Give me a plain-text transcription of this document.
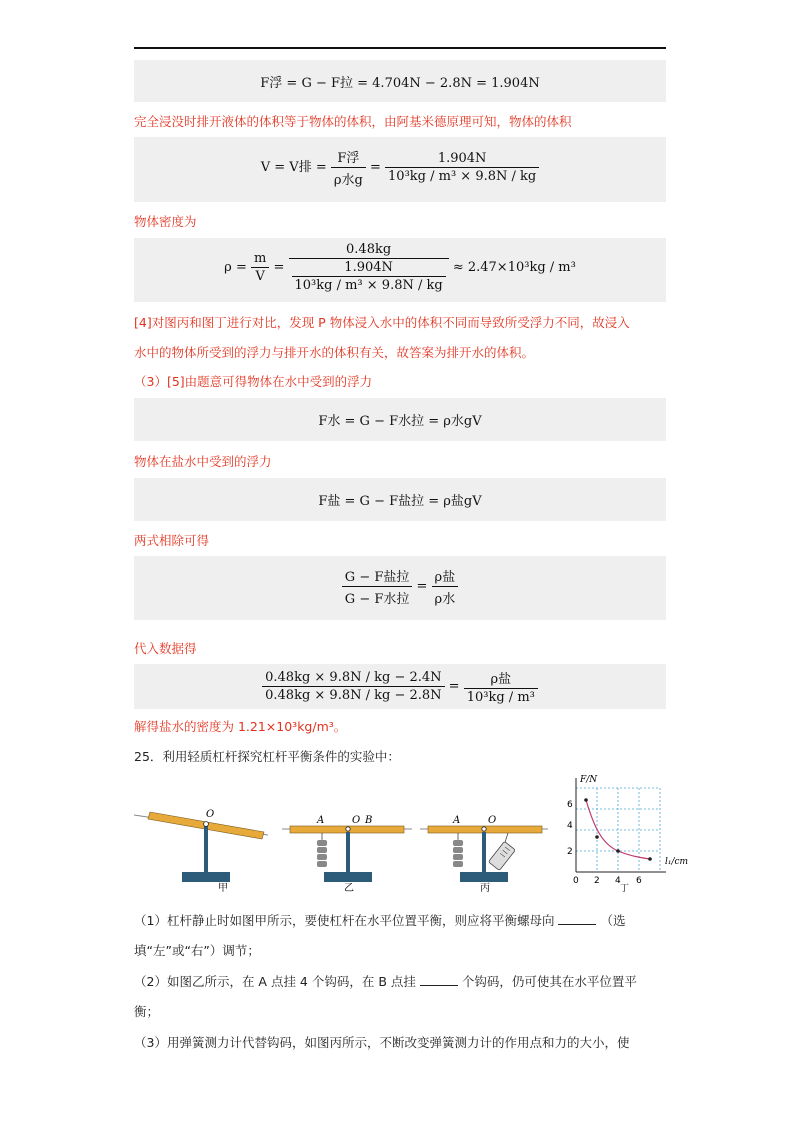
F浮 = G − F拉 = 4.704N − 2.8N = 1.904N
完全浸没时排开液体的体积等于物体的体积，由阿基米德原理可知，物体的体积
V = V排 = $\frac{\text{F浮}}{\text{ρ水g}} = \frac{1.904N}{\text{10³kg / m³ × 9.8N / kg}}$
物体密度为
$\rho = \frac{m}{V} = \frac{0.48kg}{\frac{1.904N}{\text{10³kg / m³ × 9.8N / kg}}} \approx 2.47\times 10^3kg / m^3$
[4]对图丙和图丁进行对比，发现 P 物体浸入水中的体积不同而导致所受浮力不同，故浸入
水中的物体所受到的浮力与排开水的体积有关，故答案为排开水的体积。
（3）[5]由题意可得物体在水中受到的浮力
F水 = G − F水拉 = ρ水gV
物体在盐水中受到的浮力
F盐 = G − F盐拉 = ρ盐gV
两式相除可得
$\frac{\text{G − F盐拉}}{\text{G − F水拉}} = \frac{\text{ρ盐}}{\text{ρ水}}$
代入数据得
$\frac{0.48kg \times 9.8N / kg - 2.4N}{0.48kg \times 9.8N / kg - 2.8N} = \frac{\text{ρ盐}}{\text{10³kg / m³}}$
解得盐水的密度为 1.21×10³kg/m³。
25．利用轻质杠杆探究杠杆平衡条件的实验中：
O
甲
A	O B
乙
A	O
丙
F/N
l₁/cm
6
4
2
0 2 4 6
丁
（1）杠杆静止时如图甲所示，要使杠杆在水平位置平衡，则应将平衡螺母向	（选
填“左”或“右”）调节；
（2）如图乙所示，在 A 点挂 4 个钩码，在 B 点挂	个钩码，仍可使其在水平位置平
衡；
（3）用弹簧测力计代替钩码，如图丙所示，不断改变弹簧测力计的作用点和力的大小，使
